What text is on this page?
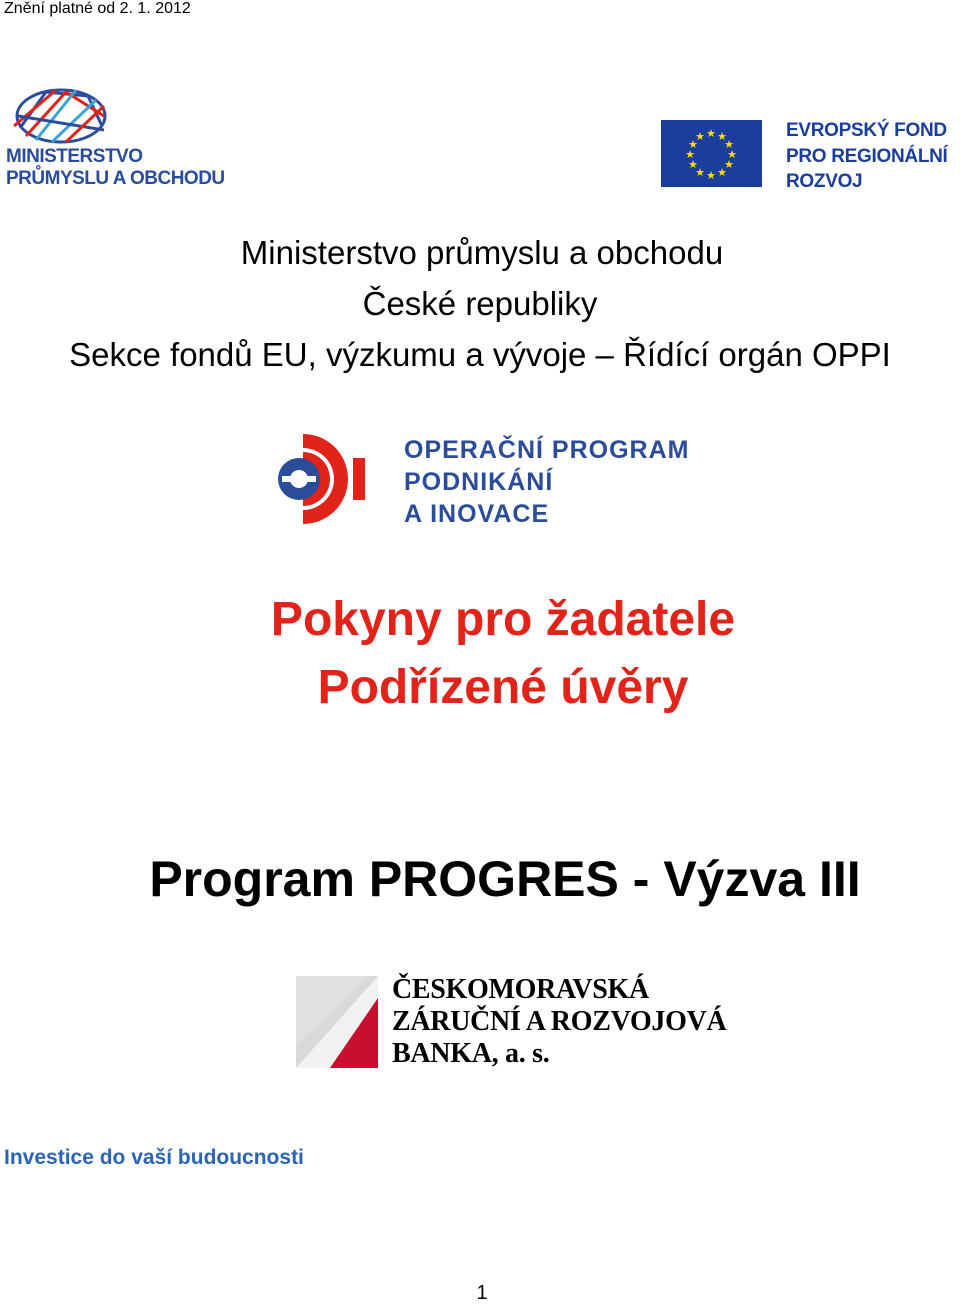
Znění platné od 2. 1. 2012
MINISTERSTVO
PRŮMYSLU A OBCHODU
★ ★
★
★
★
★
★
★
★
★
★
★	EVROPSKÝ FOND
PRO REGIONÁLNÍ
ROZVOJ
Ministerstvo průmyslu a obchodu
České republiky
Sekce fondů EU, výzkumu a vývoje – Řídící orgán OPPI
OPERAČNÍ PROGRAM
PODNIKÁNÍ
A INOVACE
Pokyny pro žadatele
Podřízené úvěry
Program PROGRES - Výzva III
ČESKOMORAVSKÁ
ZÁRUČNÍ A ROZVOJOVÁ
BANKA, a. s.
Investice do vaší budoucnosti
1
